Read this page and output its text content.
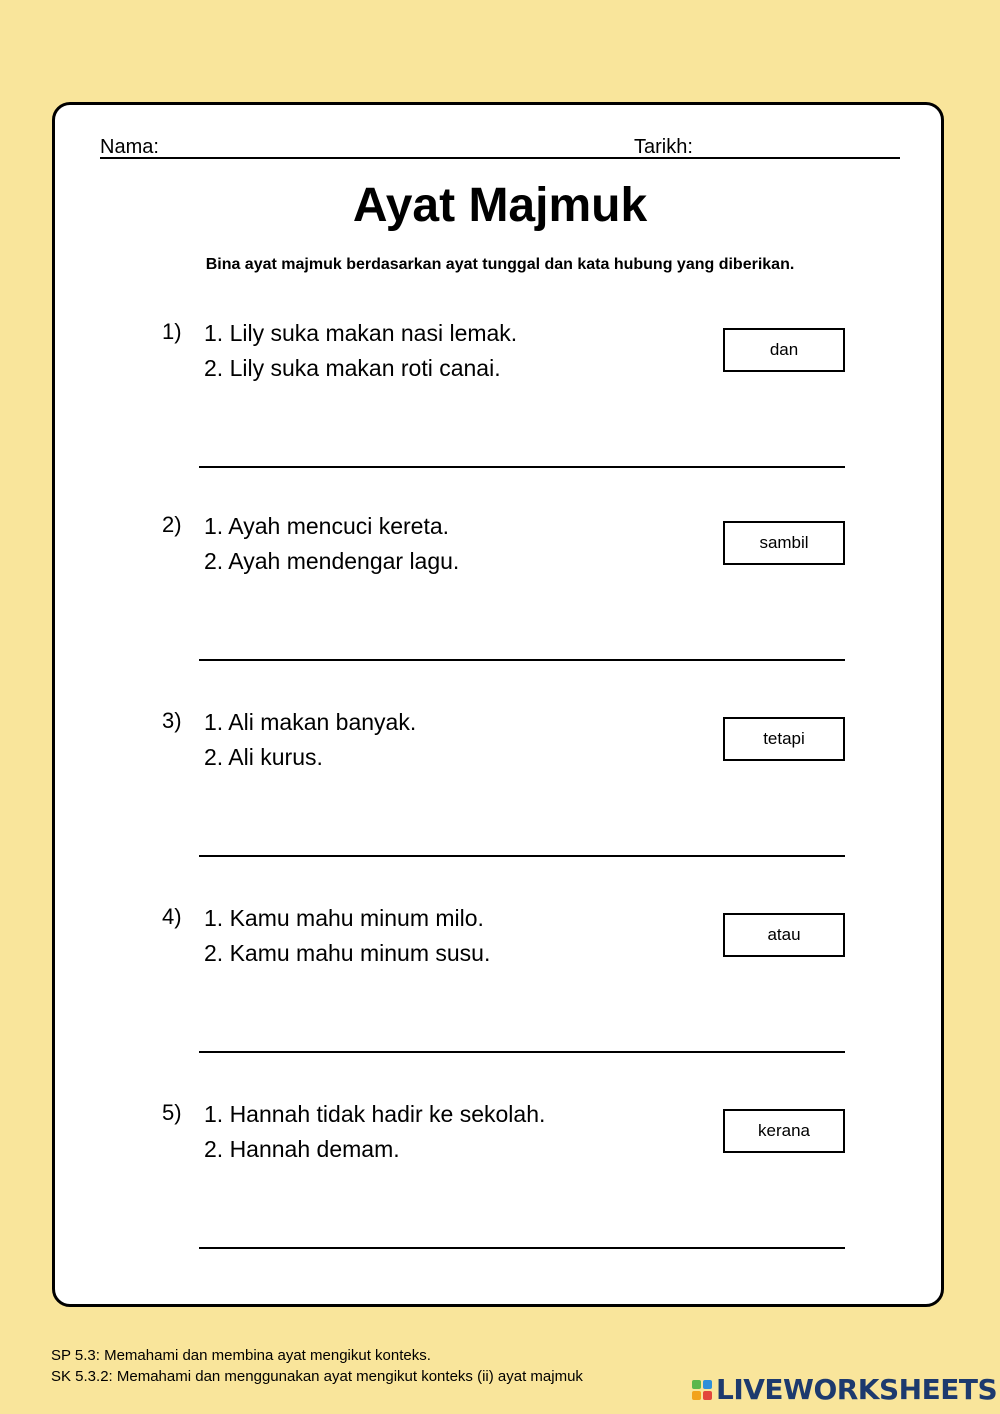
Nama:	Tarikh:
Ayat Majmuk

Bina ayat majmuk berdasarkan ayat tunggal dan kata hubung yang diberikan.

1) 1. Lily suka makan nasi lemak.
2. Lily suka makan roti canai.
dan
2) 1. Ayah mencuci kereta.
2. Ayah mendengar lagu.
sambil
3) 1. Ali makan banyak.
2. Ali kurus.
tetapi
4) 1. Kamu mahu minum milo.
2. Kamu mahu minum susu.
atau
5) 1. Hannah tidak hadir ke sekolah.
2. Hannah demam.
kerana
SP 5.3: Memahami dan membina ayat mengikut konteks.
SK 5.3.2: Memahami dan menggunakan ayat mengikut konteks (ii) ayat majmuk	LIVEWORKSHEETS
